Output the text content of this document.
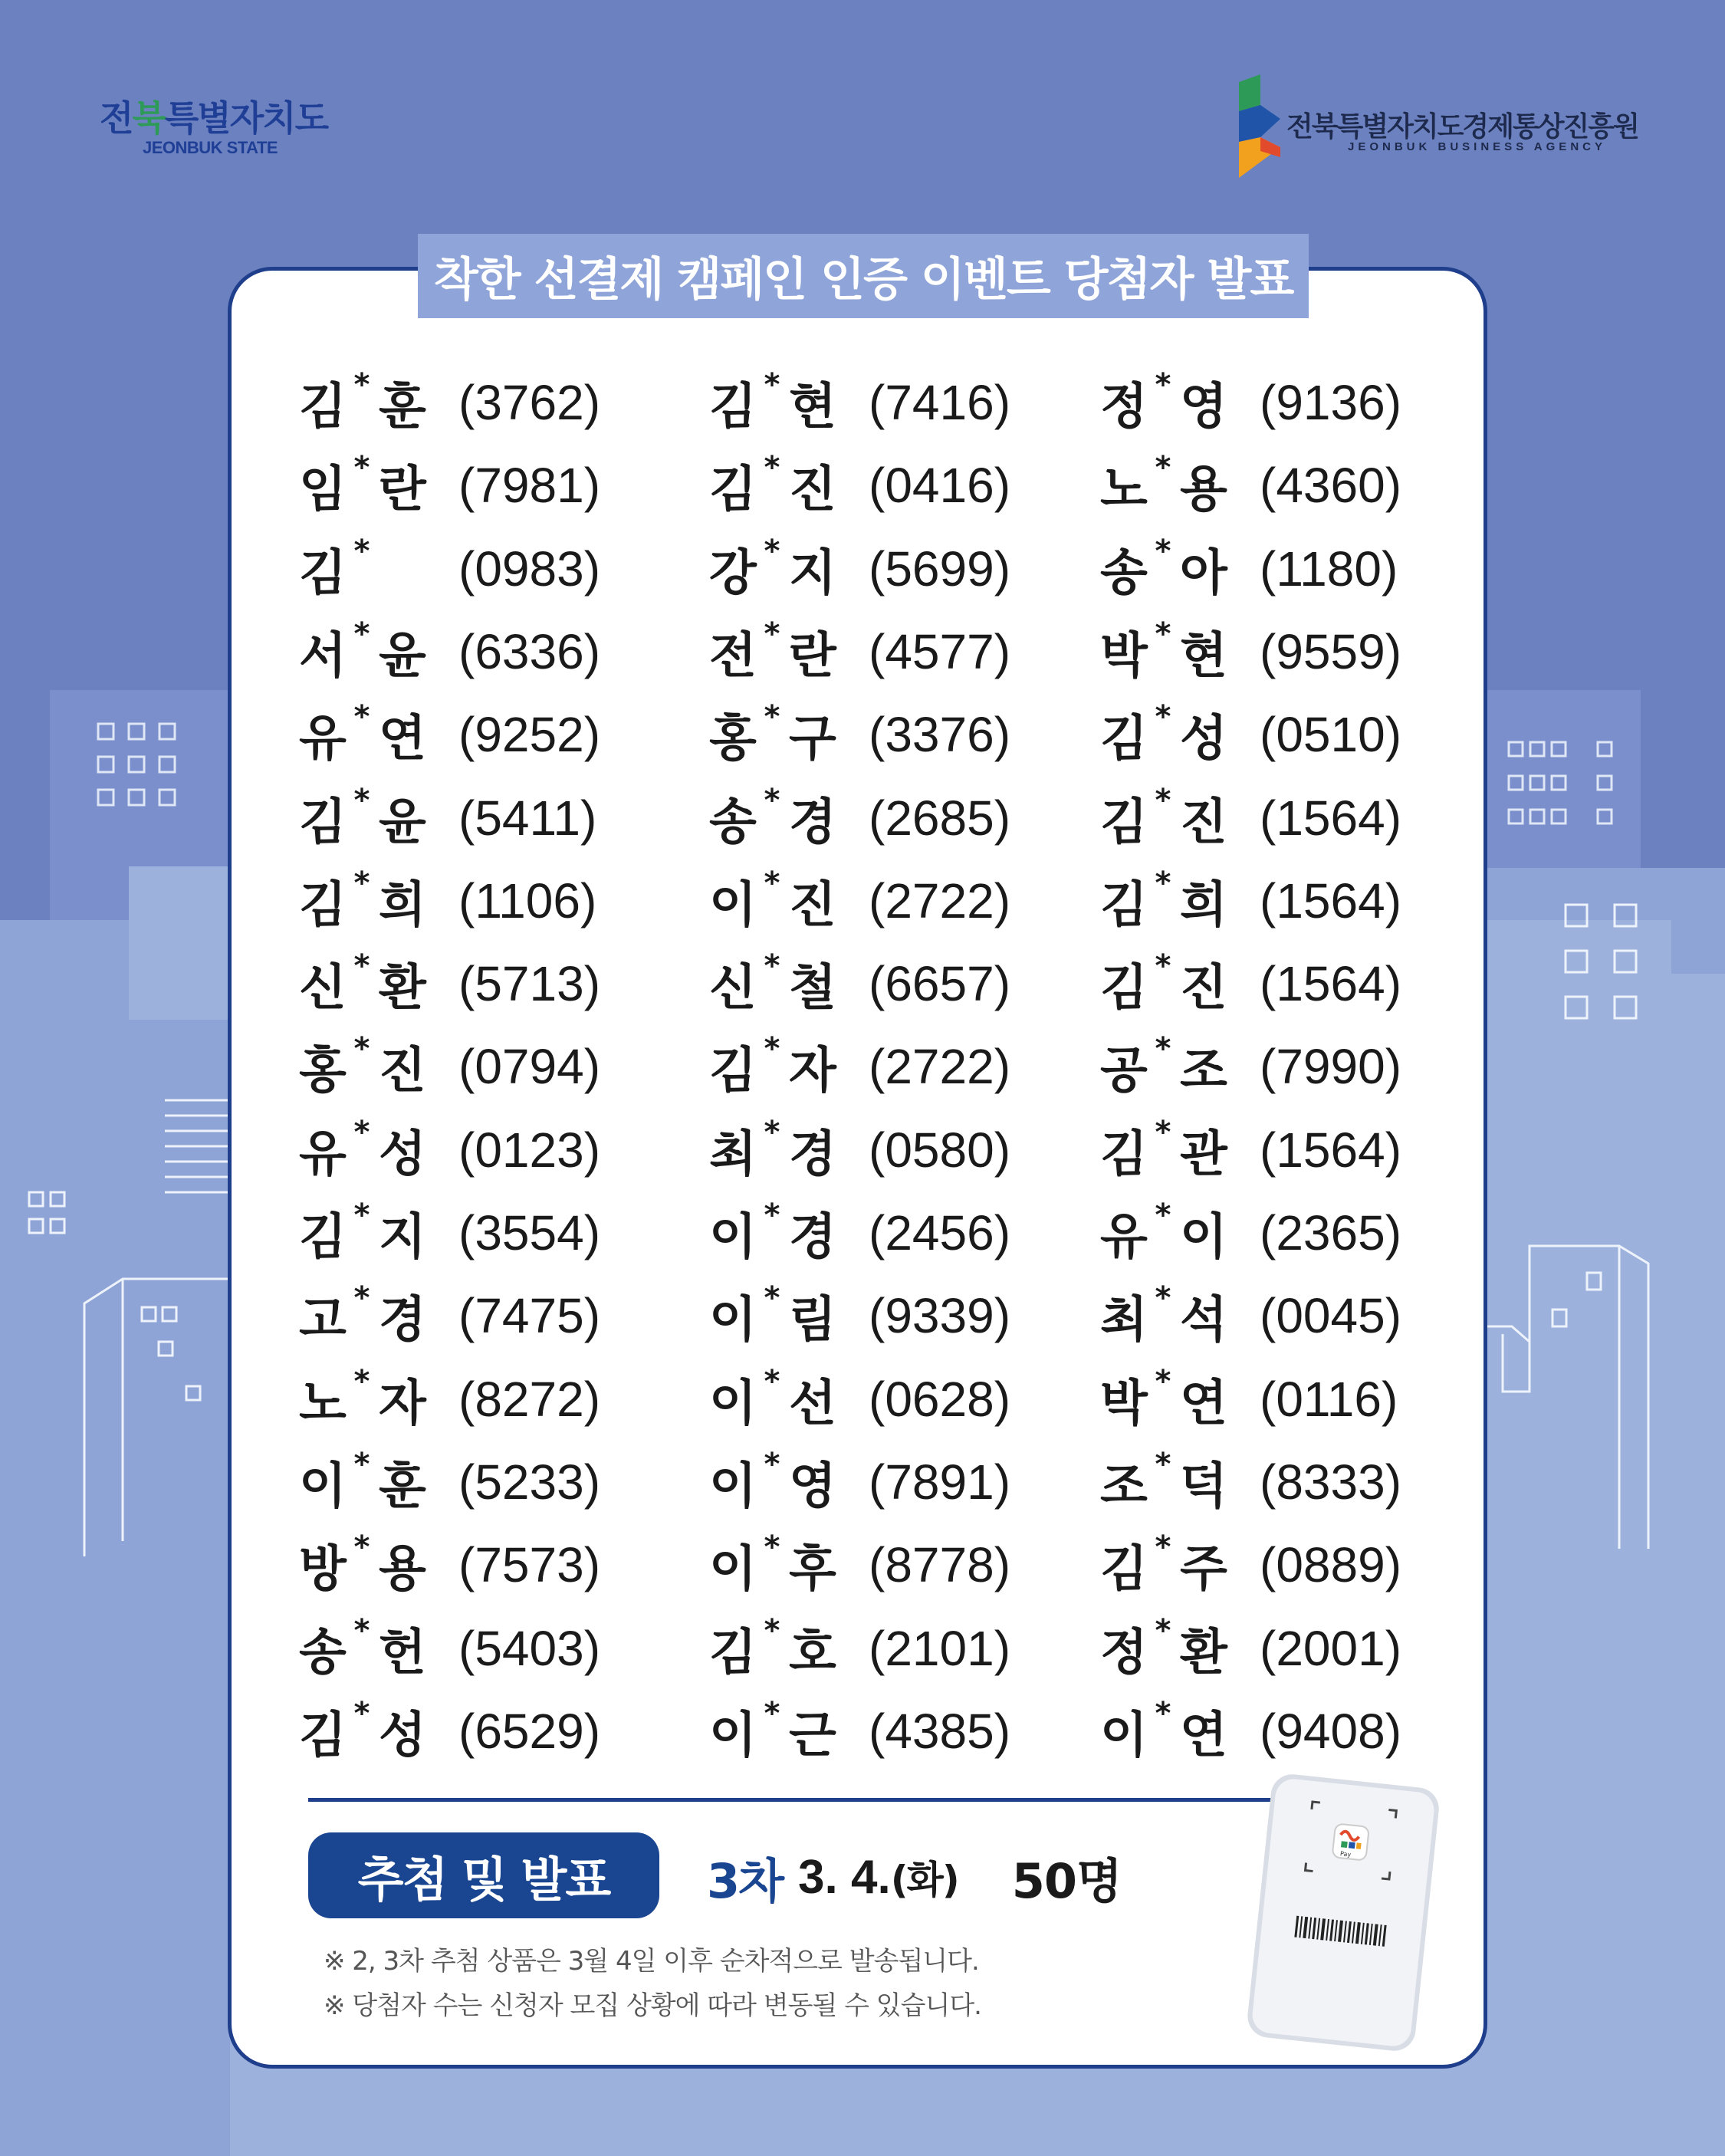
전북특별자치도
JEONBUK STATE
전북특별자치도경제통상진흥원
JEONBUK BUSINESS AGENCY
착한 선결제 캠페인 인증 이벤트 당첨자 발표
김 * 훈 (3762)
임 * 란 (7981)
김 * (0983)
서 * 윤 (6336)
유 * 연 (9252)
김 * 윤 (5411)
김 * 희 (1106)
신 * 환 (5713)
홍 * 진 (0794)
유 * 성 (0123)
김 * 지 (3554)
고 * 경 (7475)
노 * 자 (8272)
이 * 훈 (5233)
방 * 용 (7573)
송 * 헌 (5403)
김 * 성 (6529)
김 * 현 (7416)
김 * 진 (0416)
강 * 지 (5699)
전 * 란 (4577)
홍 * 구 (3376)
송 * 경 (2685)
이 * 진 (2722)
신 * 철 (6657)
김 * 자 (2722)
최 * 경 (0580)
이 * 경 (2456)
이 * 림 (9339)
이 * 선 (0628)
이 * 영 (7891)
이 * 후 (8778)
김 * 호 (2101)
이 * 근 (4385)
정 * 영 (9136)
노 * 용 (4360)
송 * 아 (1180)
박 * 현 (9559)
김 * 성 (0510)
김 * 진 (1564)
김 * 희 (1564)
김 * 진 (1564)
공 * 조 (7990)
김 * 관 (1564)
유 * 이 (2365)
최 * 석 (0045)
박 * 연 (0116)
조 * 덕 (8333)
김 * 주 (0889)
정 * 환 (2001)
이 * 연 (9408)
추첨 및 발표	3차 3. 4. (화) 50명
※ 2, 3차 추첨 상품은 3월 4일 이후 순차적으로 발송됩니다.
※ 당첨자 수는 신청자 모집 상황에 따라 변동될 수 있습니다.
Pay
